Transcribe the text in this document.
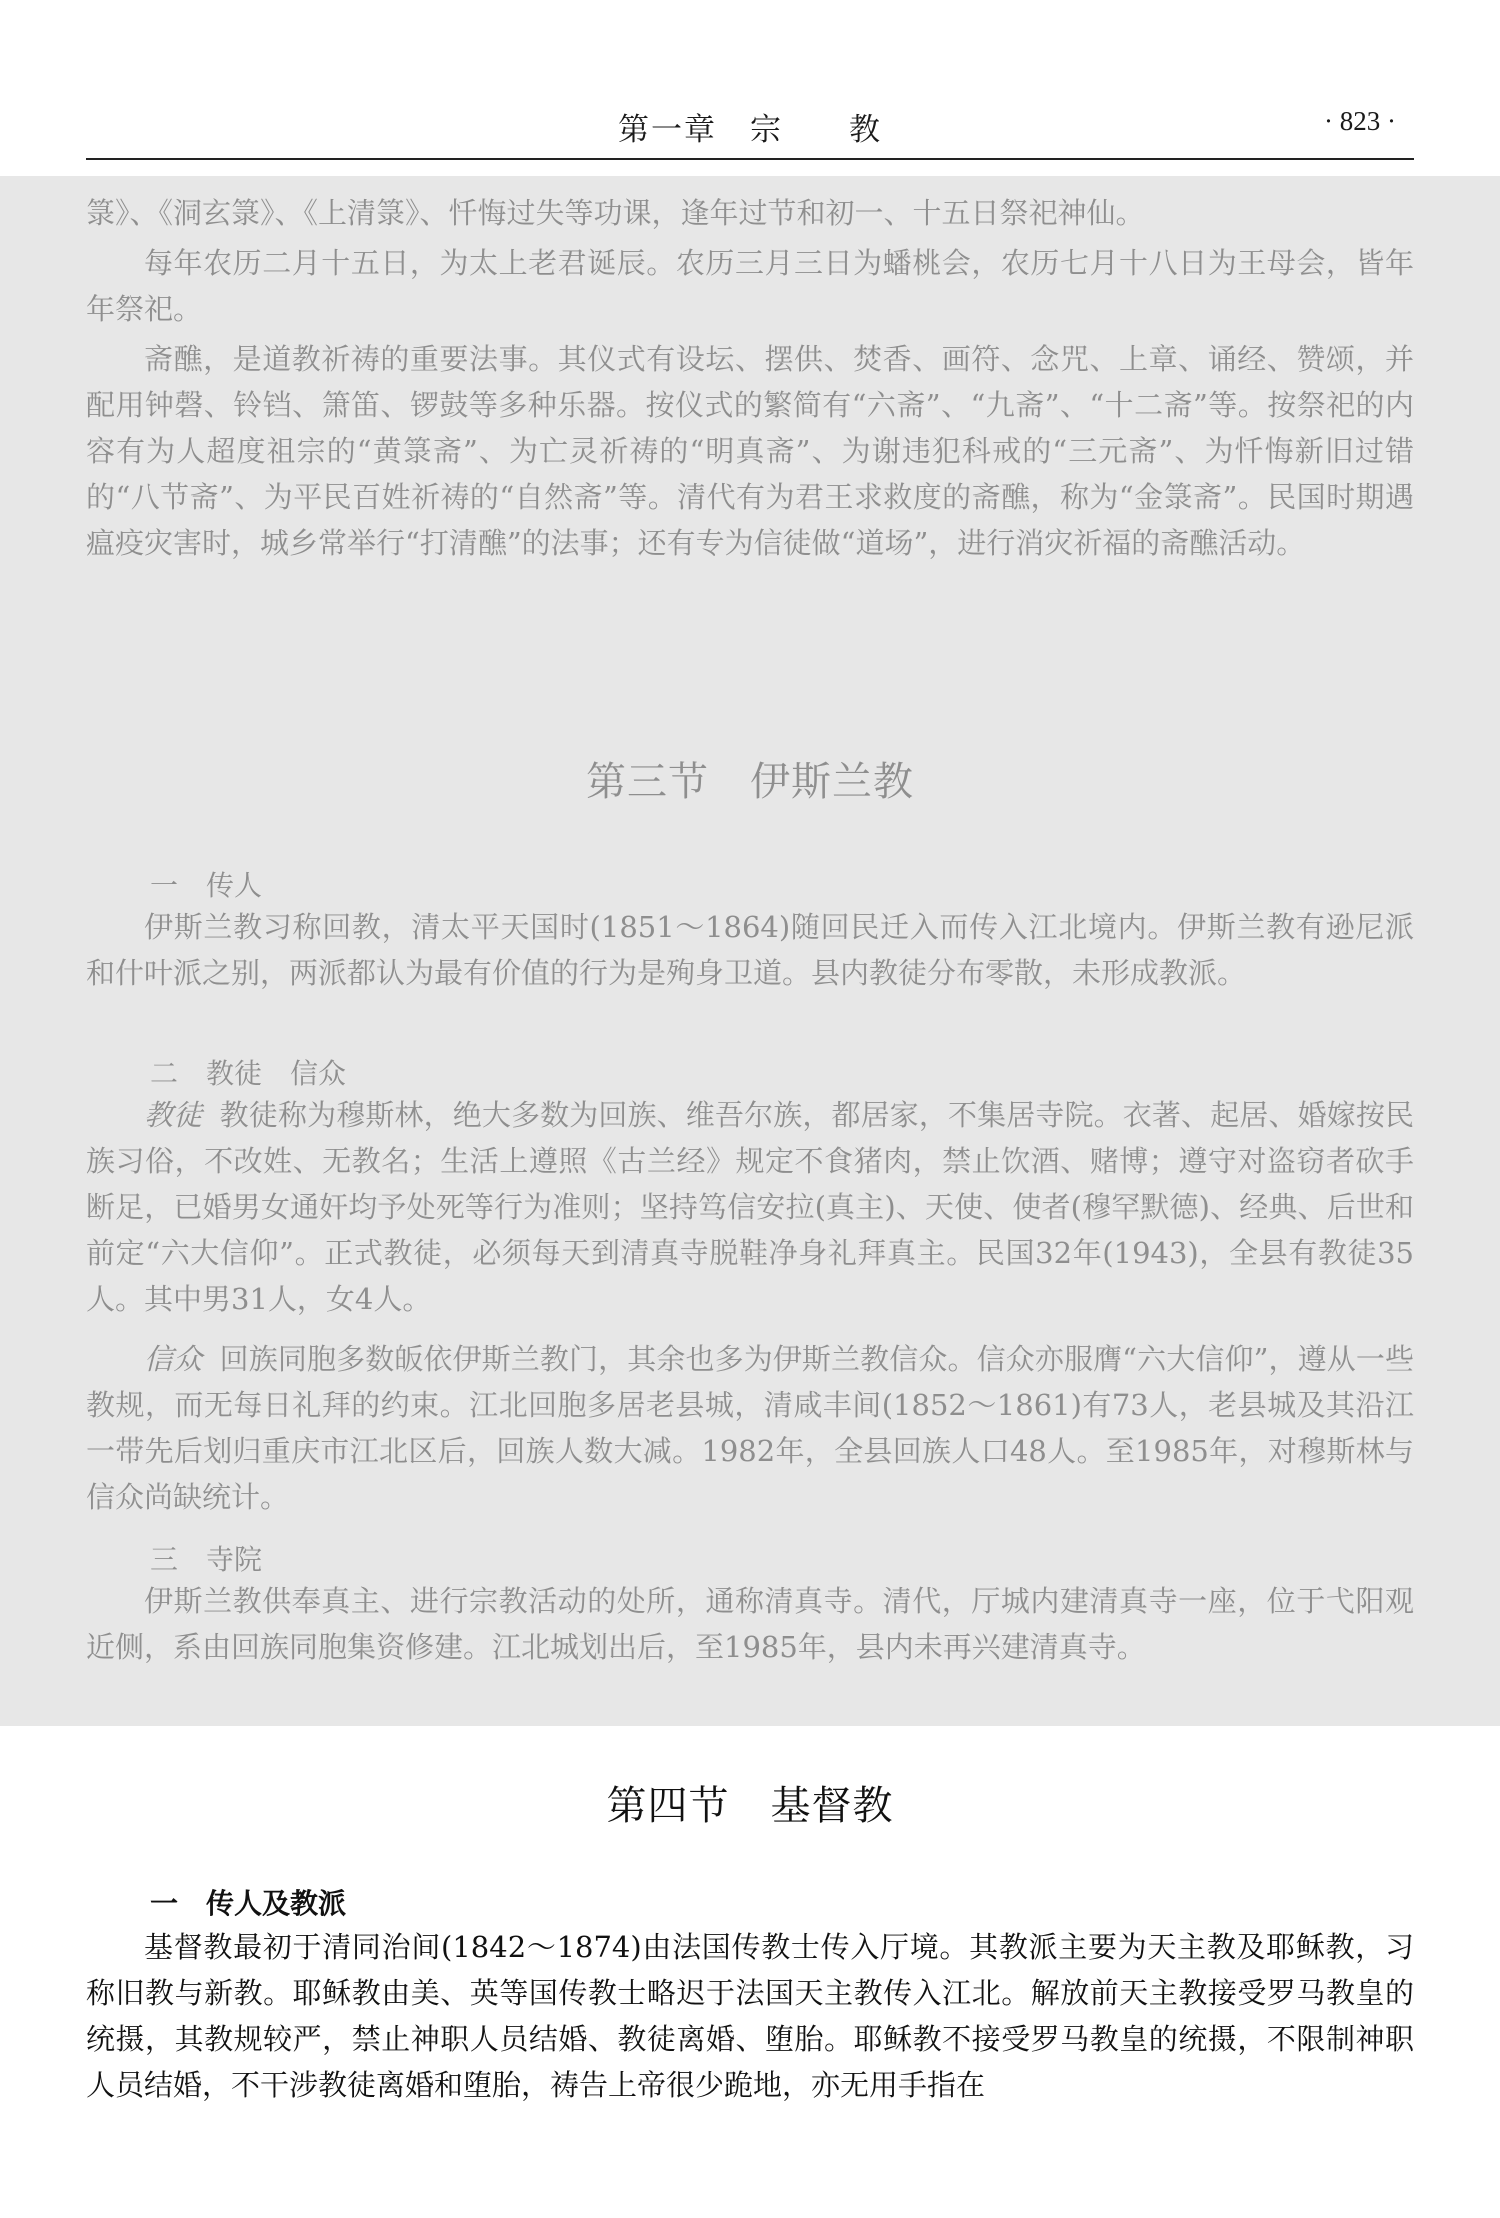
第一章　宗　　教	· 823 ·

箓》、《洞玄箓》、《上清箓》、忏悔过失等功课，逢年过节和初一、十五日祭祀神仙。

每年农历二月十五日，为太上老君诞辰。农历三月三日为蟠桃会，农历七月十八日为王母会，皆年年祭祀。

斋醮，是道教祈祷的重要法事。其仪式有设坛、摆供、焚香、画符、念咒、上章、诵经、赞颂，并配用钟磬、铃铛、箫笛、锣鼓等多种乐器。按仪式的繁简有“六斋”、“九斋”、“十二斋”等。按祭祀的内容有为人超度祖宗的“黄箓斋”、为亡灵祈祷的“明真斋”、为谢违犯科戒的“三元斋”、为忏悔新旧过错的“八节斋”、为平民百姓祈祷的“自然斋”等。清代有为君王求救度的斋醮，称为“金箓斋”。民国时期遇瘟疫灾害时，城乡常举行“打清醮”的法事；还有专为信徒做“道场”，进行消灾祈福的斋醮活动。

第三节　伊斯兰教
一　传人

伊斯兰教习称回教，清太平天国时(1851～1864)随回民迁入而传入江北境内。伊斯兰教有逊尼派和什叶派之别，两派都认为最有价值的行为是殉身卫道。县内教徒分布零散，未形成教派。

二　教徒　信众

教徒 教徒称为穆斯林，绝大多数为回族、维吾尔族，都居家，不集居寺院。衣著、起居、婚嫁按民族习俗，不改姓、无教名；生活上遵照《古兰经》规定不食猪肉，禁止饮酒、赌博；遵守对盗窃者砍手断足，已婚男女通奸均予处死等行为准则；坚持笃信安拉(真主)、天使、使者(穆罕默德)、经典、后世和前定“六大信仰”。正式教徒，必须每天到清真寺脱鞋净身礼拜真主。民国32年(1943)，全县有教徒35人。其中男31人，女4人。

信众 回族同胞多数皈依伊斯兰教门，其余也多为伊斯兰教信众。信众亦服膺“六大信仰”，遵从一些教规，而无每日礼拜的约束。江北回胞多居老县城，清咸丰间(1852～1861)有73人，老县城及其沿江一带先后划归重庆市江北区后，回族人数大减。1982年，全县回族人口48人。至1985年，对穆斯林与信众尚缺统计。

三　寺院

伊斯兰教供奉真主、进行宗教活动的处所，通称清真寺。清代，厅城内建清真寺一座，位于弋阳观近侧，系由回族同胞集资修建。江北城划出后，至1985年，县内未再兴建清真寺。

第四节　基督教
一　传人及教派

基督教最初于清同治间(1842～1874)由法国传教士传入厅境。其教派主要为天主教及耶稣教，习称旧教与新教。耶稣教由美、英等国传教士略迟于法国天主教传入江北。解放前天主教接受罗马教皇的统摄，其教规较严，禁止神职人员结婚、教徒离婚、堕胎。耶稣教不接受罗马教皇的统摄，不限制神职人员结婚，不干涉教徒离婚和堕胎，祷告上帝很少跪地，亦无用手指在
